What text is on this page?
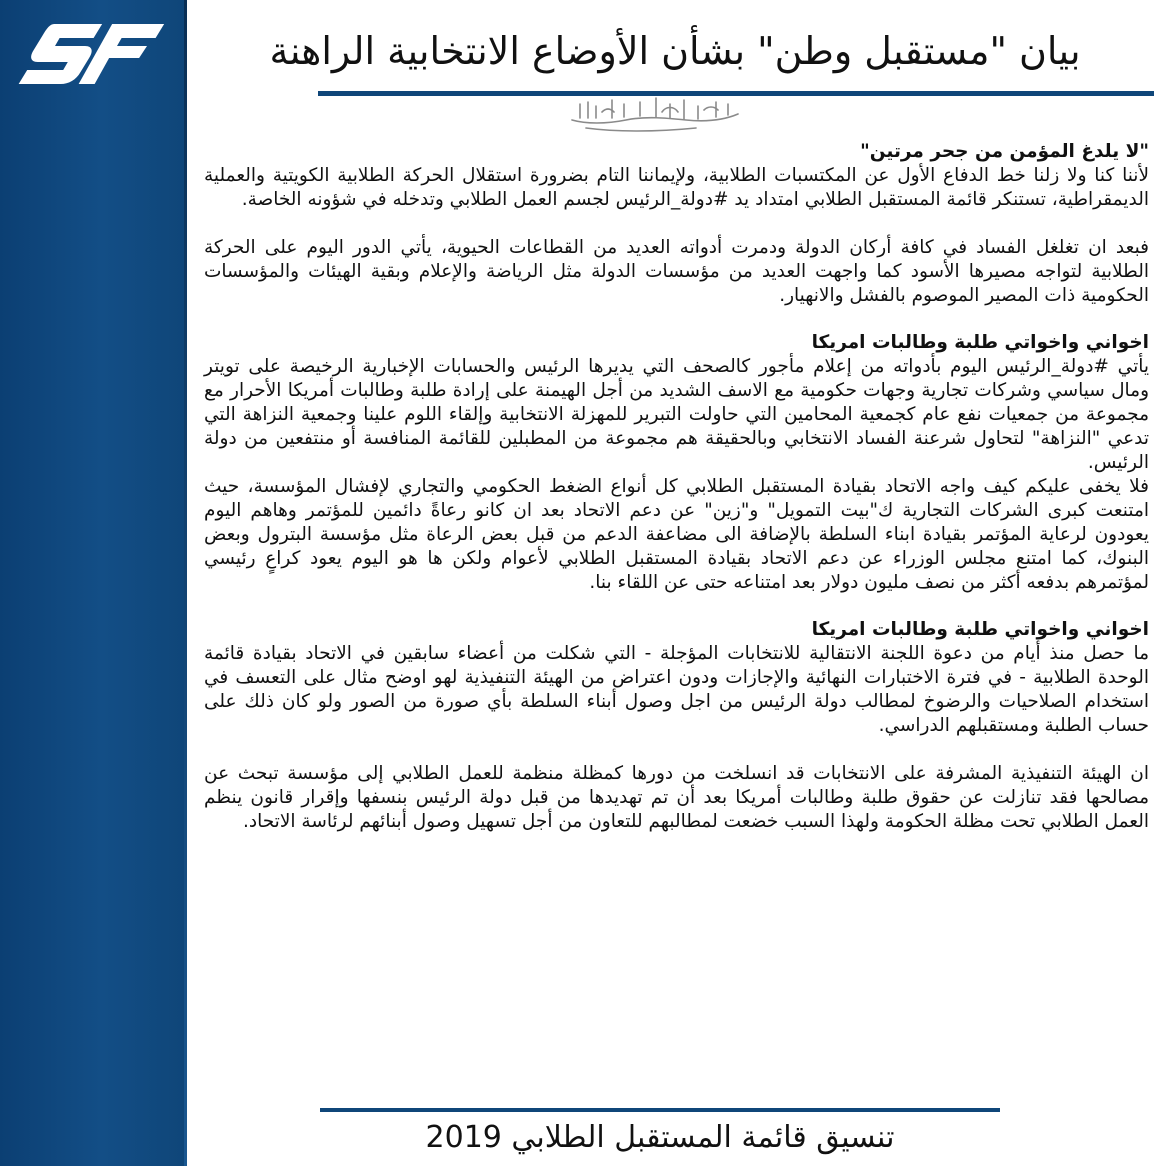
بيان "مستقبل وطن" بشأن الأوضاع الانتخابية الراهنة

"لا يلدغ المؤمن من جحر مرتين"

لأننا كنا ولا زلنا خط الدفاع الأول عن المكتسبات الطلابية، ولإيماننا التام بضرورة استقلال الحركة الطلابية الكويتية والعملية الديمقراطية، تستنكر قائمة المستقبل الطلابي امتداد يد #دولة_الرئيس لجسم العمل الطلابي وتدخله في شؤونه الخاصة.

فبعد ان تغلغل الفساد في كافة أركان الدولة ودمرت أدواته العديد من القطاعات الحيوية، يأتي الدور اليوم على الحركة الطلابية لتواجه مصيرها الأسود كما واجهت العديد من مؤسسات الدولة مثل الرياضة والإعلام وبقية الهيئات والمؤسسات الحكومية ذات المصير الموصوم بالفشل والانهيار.

اخواني واخواتي طلبة وطالبات امريكا

يأتي #دولة_الرئيس اليوم بأدواته من إعلام مأجور كالصحف التي يديرها الرئيس والحسابات الإخبارية الرخيصة على تويتر ومال سياسي وشركات تجارية وجهات حكومية مع الاسف الشديد من أجل الهيمنة على إرادة طلبة وطالبات أمريكا الأحرار مع مجموعة من جمعيات نفع عام كجمعية المحامين التي حاولت التبرير للمهزلة الانتخابية وإلقاء اللوم علينا وجمعية النزاهة التي تدعي "النزاهة" لتحاول شرعنة الفساد الانتخابي وبالحقيقة هم مجموعة من المطبلين للقائمة المنافسة أو منتفعين من دولة الرئيس.

فلا يخفى عليكم كيف واجه الاتحاد بقيادة المستقبل الطلابي كل أنواع الضغط الحكومي والتجاري لإفشال المؤسسة، حيث امتنعت كبرى الشركات التجارية ك"بيت التمويل" و"زين" عن دعم الاتحاد بعد ان كانو رعاةً دائمين للمؤتمر وهاهم اليوم يعودون لرعاية المؤتمر بقيادة ابناء السلطة بالإضافة الى مضاعفة الدعم من قبل بعض الرعاة مثل مؤسسة البترول وبعض البنوك، كما امتنع مجلس الوزراء عن دعم الاتحاد بقيادة المستقبل الطلابي لأعوام ولكن ها هو اليوم يعود كراعٍ رئيسي لمؤتمرهم بدفعه أكثر من نصف مليون دولار بعد امتناعه حتى عن اللقاء بنا.

اخواني واخواتي طلبة وطالبات امريكا

ما حصل منذ أيام من دعوة اللجنة الانتقالية للانتخابات المؤجلة - التي شكلت من أعضاء سابقين في الاتحاد بقيادة قائمة الوحدة الطلابية - في فترة الاختبارات النهائية والإجازات ودون اعتراض من الهيئة التنفيذية لهو اوضح مثال على التعسف في استخدام الصلاحيات والرضوخ لمطالب دولة الرئيس من اجل وصول أبناء السلطة بأي صورة من الصور ولو كان ذلك على حساب الطلبة ومستقبلهم الدراسي.

ان الهيئة التنفيذية المشرفة على الانتخابات قد انسلخت من دورها كمظلة منظمة للعمل الطلابي إلى مؤسسة تبحث عن مصالحها فقد تنازلت عن حقوق طلبة وطالبات أمريكا بعد أن تم تهديدها من قبل دولة الرئيس بنسفها وإقرار قانون ينظم العمل الطلابي تحت مظلة الحكومة ولهذا السبب خضعت لمطالبهم للتعاون من أجل تسهيل وصول أبنائهم لرئاسة الاتحاد.

تنسيق قائمة المستقبل الطلابي 2019
